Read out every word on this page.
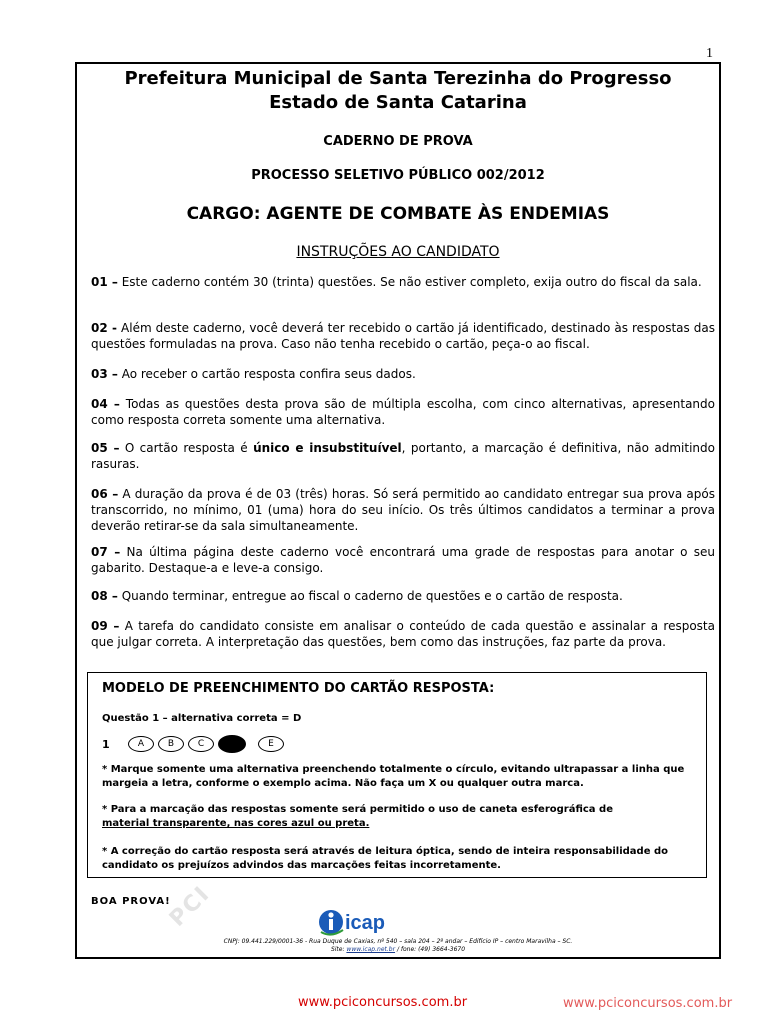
1
Prefeitura Municipal de Santa Terezinha do Progresso
Estado de Santa Catarina
CADERNO DE PROVA
PROCESSO SELETIVO PÚBLICO 002/2012
CARGO: AGENTE DE COMBATE ÀS ENDEMIAS
INSTRUÇÕES AO CANDIDATO
01 – Este caderno contém 30 (trinta) questões. Se não estiver completo, exija outro do fiscal da sala.
02 - Além deste caderno, você deverá ter recebido o cartão já identificado, destinado às respostas das questões formuladas na prova. Caso não tenha recebido o cartão, peça-o ao fiscal.
03 – Ao receber o cartão resposta confira seus dados.
04 – Todas as questões desta prova são de múltipla escolha, com cinco alternativas, apresentando como resposta correta somente uma alternativa.
05 – O cartão resposta é único e insubstituível, portanto, a marcação é definitiva, não admitindo rasuras.
06 – A duração da prova é de 03 (três) horas. Só será permitido ao candidato entregar sua prova após transcorrido, no mínimo, 01 (uma) hora do seu início. Os três últimos candidatos a terminar a prova deverão retirar-se da sala simultaneamente.
07 – Na última página deste caderno você encontrará uma grade de respostas para anotar o seu gabarito. Destaque-a e leve-a consigo.
08 – Quando terminar, entregue ao fiscal o caderno de questões e o cartão de resposta.
09 – A tarefa do candidato consiste em analisar o conteúdo de cada questão e assinalar a resposta que julgar correta. A interpretação das questões, bem como das instruções, faz parte da prova.
MODELO DE PREENCHIMENTO DO CARTÃO RESPOSTA:
Questão 1 – alternativa correta = D
1	A	B	C	E
* Marque somente uma alternativa preenchendo totalmente o círculo, evitando ultrapassar a linha que margeia a letra, conforme o exemplo acima. Não faça um X ou qualquer outra marca.
* Para a marcação das respostas somente será permitido o uso de caneta esferográfica de
material transparente, nas cores azul ou preta.
* A correção do cartão resposta será através de leitura óptica, sendo de inteira responsabilidade do candidato os prejuízos advindos das marcações feitas incorretamente.
PCI
BOA PROVA!
icap
CNPJ: 09.441.229/0001-36 - Rua Duque de Caxias, nº 540 – sala 204 – 2º andar – Edifício IP – centro Maravilha – SC.
Site: www.icap.net.br / fone: (49) 3664-3670
www.pciconcursos.com.br	www.pciconcursos.com.br
